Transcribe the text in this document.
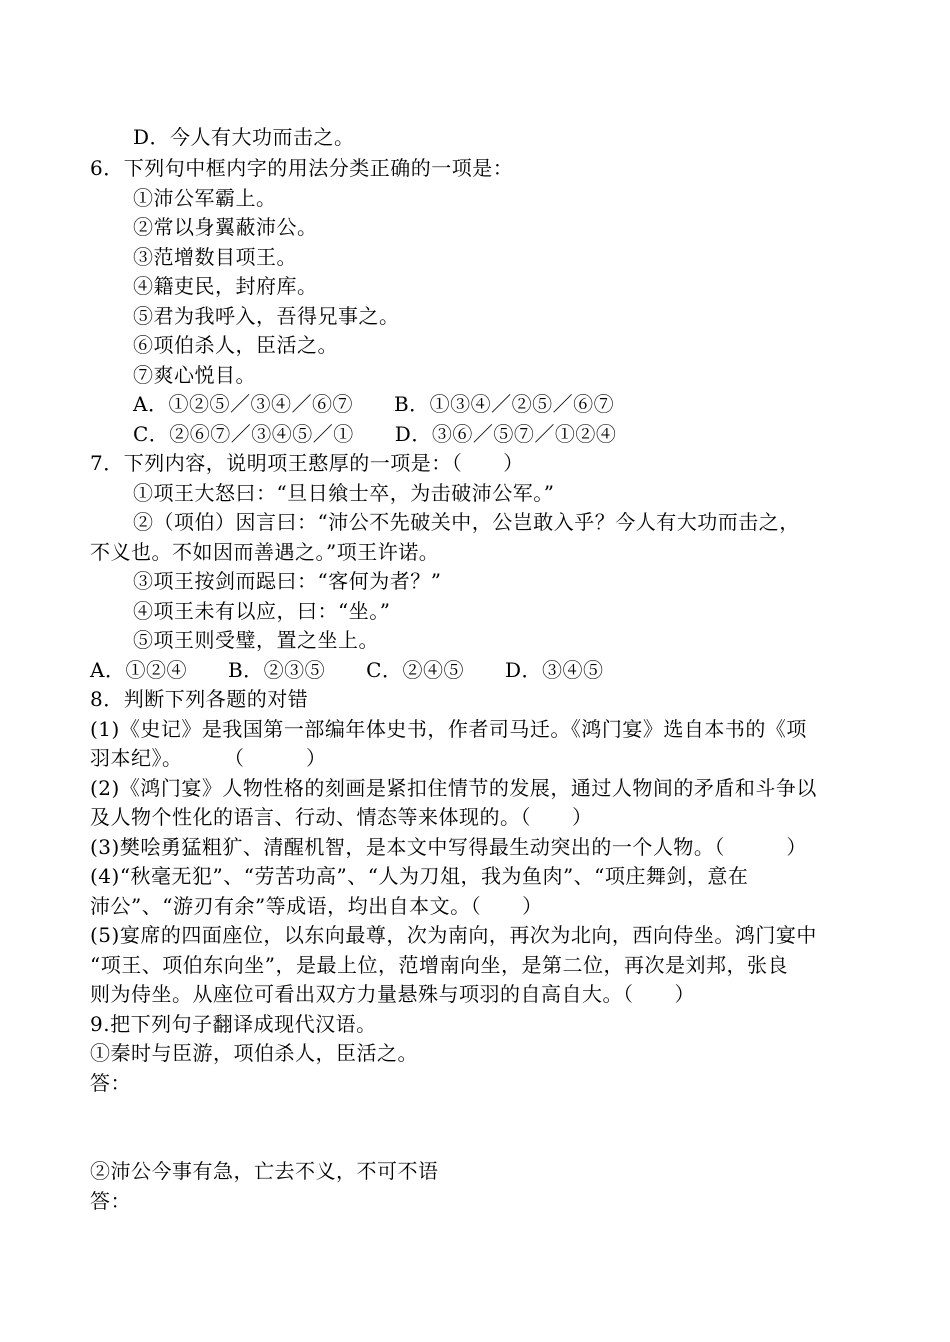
D．今人有大功而击之。
6．下列句中框内字的用法分类正确的一项是：
①沛公军霸上。
②常以身翼蔽沛公。
③范增数目项王。
④籍吏民，封府库。
⑤君为我呼入，吾得兄事之。
⑥项伯杀人，臣活之。
⑦爽心悦目。
A．①②⑤／③④／⑥⑦　　B．①③④／②⑤／⑥⑦
C．②⑥⑦／③④⑤／①　　D．③⑥／⑤⑦／①②④
7．下列内容，说明项王憨厚的一项是：（　　）
①项王大怒曰：“旦日飨士卒，为击破沛公军。”
②（项伯）因言曰：“沛公不先破关中，公岂敢入乎？今人有大功而击之，
不义也。不如因而善遇之。”项王许诺。
③项王按剑而跽曰：“客何为者？”
④项王未有以应，曰：“坐。”
⑤项王则受璧，置之坐上。
A．①②④　　B．②③⑤　　C．②④⑤　　D．③④⑤
8．判断下列各题的对错
(1)《史记》是我国第一部编年体史书，作者司马迁。《鸿门宴》选自本书的《项
羽本纪》。　　　（　　　）
(2)《鸿门宴》人物性格的刻画是紧扣住情节的发展，通过人物间的矛盾和斗争以
及人物个性化的语言、行动、情态等来体现的。（　　）
(3)樊哙勇猛粗犷、清醒机智，是本文中写得最生动突出的一个人物。（　　　）
(4)“秋毫无犯”、“劳苦功高”、“人为刀俎，我为鱼肉”、“项庄舞剑，意在
沛公”、“游刃有余”等成语，均出自本文。（　　）
(5)宴席的四面座位，以东向最尊，次为南向，再次为北向，西向侍坐。鸿门宴中
“项王、项伯东向坐”，是最上位，范增南向坐，是第二位，再次是刘邦，张良
则为侍坐。从座位可看出双方力量悬殊与项羽的自高自大。（　　）
9.把下列句子翻译成现代汉语。
①秦时与臣游，项伯杀人，臣活之。
答：
②沛公今事有急，亡去不义，不可不语
答：
